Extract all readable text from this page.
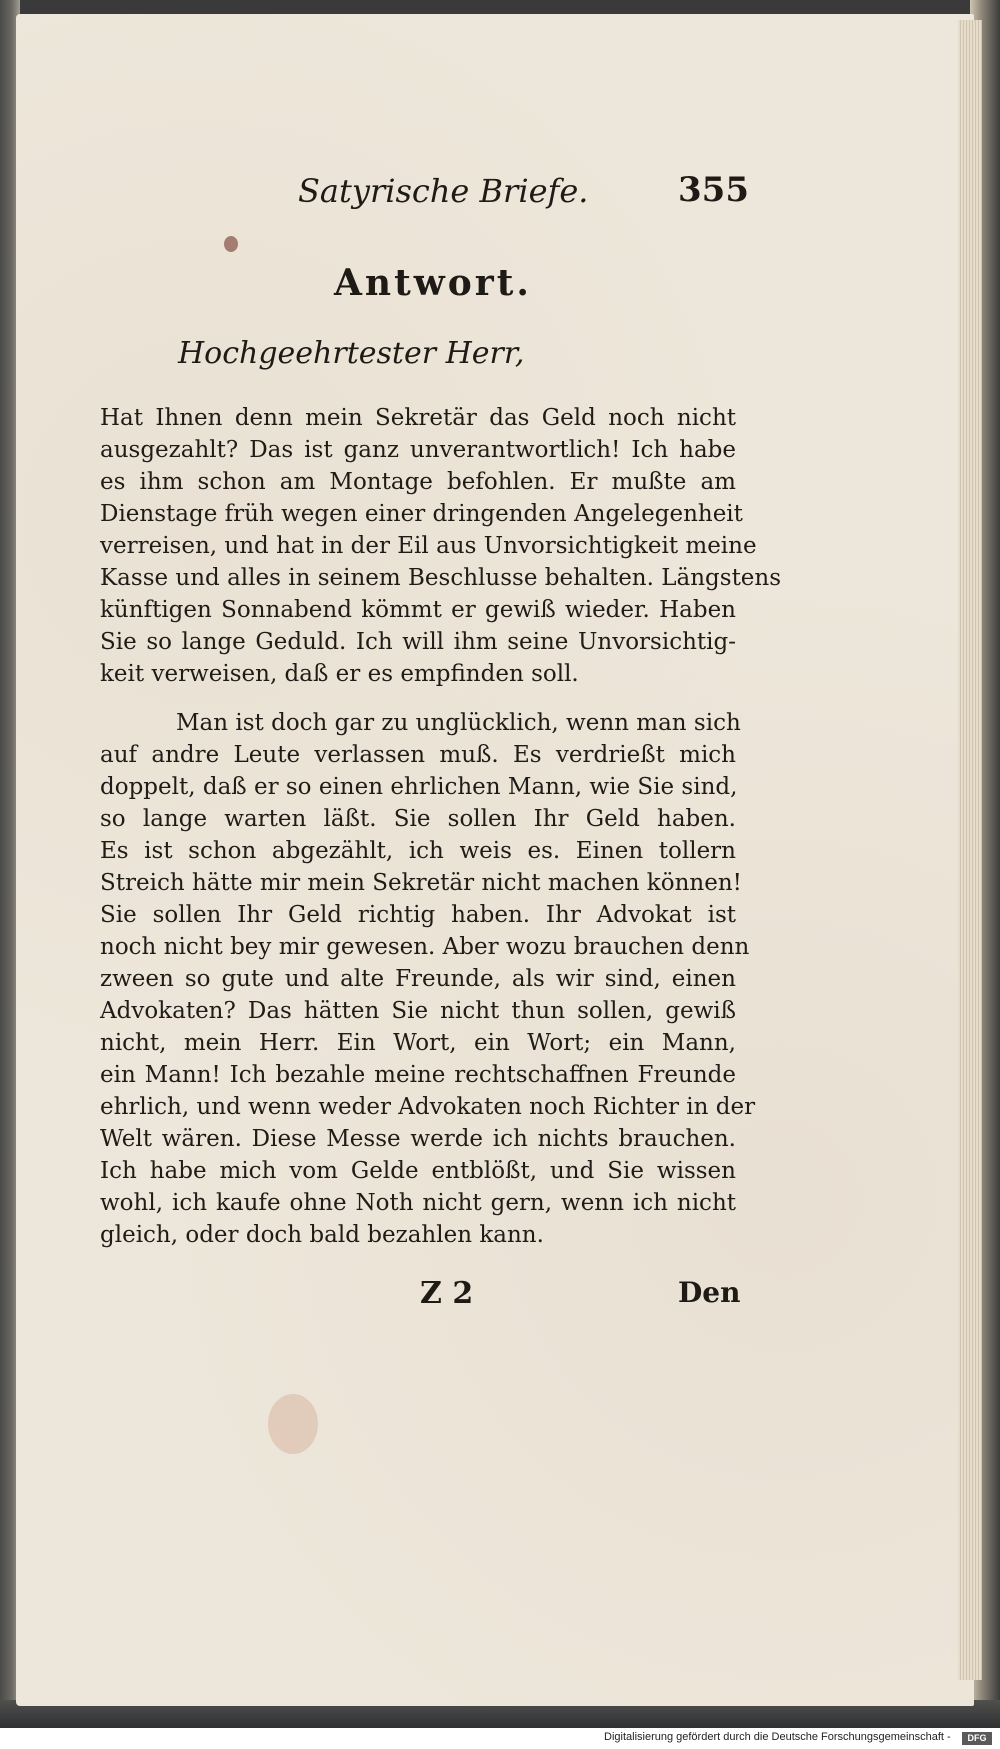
Satyrische Briefe.	355
Antwort.
Hochgeehrtester Herr,
Hat Ihnen denn mein Sekretär das Geld noch nicht
ausgezahlt? Das ist ganz unverantwortlich! Ich habe
es ihm schon am Montage befohlen. Er mußte am
Dienstage früh wegen einer dringenden Angelegenheit
verreisen, und hat in der Eil aus Unvorsichtigkeit meine
Kasse und alles in seinem Beschlusse behalten. Längstens
künftigen Sonnabend kömmt er gewiß wieder. Haben
Sie so lange Geduld. Ich will ihm seine Unvorsichtig-
keit verweisen, daß er es empfinden soll.
Man ist doch gar zu unglücklich, wenn man sich
auf andre Leute verlassen muß. Es verdrießt mich
doppelt, daß er so einen ehrlichen Mann, wie Sie sind,
so lange warten läßt. Sie sollen Ihr Geld haben.
Es ist schon abgezählt, ich weis es. Einen tollern
Streich hätte mir mein Sekretär nicht machen können!
Sie sollen Ihr Geld richtig haben. Ihr Advokat ist
noch nicht bey mir gewesen. Aber wozu brauchen denn
zween so gute und alte Freunde, als wir sind, einen
Advokaten? Das hätten Sie nicht thun sollen, gewiß
nicht, mein Herr. Ein Wort, ein Wort; ein Mann,
ein Mann! Ich bezahle meine rechtschaffnen Freunde
ehrlich, und wenn weder Advokaten noch Richter in der
Welt wären. Diese Messe werde ich nichts brauchen.
Ich habe mich vom Gelde entblößt, und Sie wissen
wohl, ich kaufe ohne Noth nicht gern, wenn ich nicht
gleich, oder doch bald bezahlen kann.
Z 2	Den
Digitalisierung gefördert durch die Deutsche Forschungsgemeinschaft -	DFG
